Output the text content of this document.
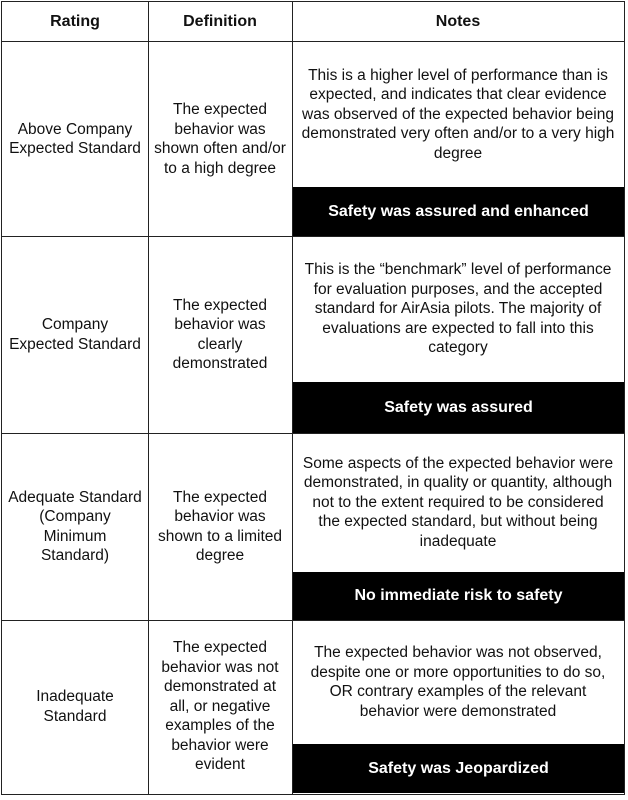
Rating	Definition	Notes
Above Company Expected Standard
The expected behavior was shown often and/or to a high degree
This is a higher level of performance than is expected, and indicates that clear evidence was observed of the expected behavior being demonstrated very often and/or to a very high degree
Safety was assured and enhanced
Company Expected Standard
The expected behavior was clearly demonstrated
This is the “benchmark” level of performance for evaluation purposes, and the accepted standard for AirAsia pilots. The majority of evaluations are expected to fall into this category
Safety was assured
Adequate Standard (Company Minimum Standard)
The expected behavior was shown to a limited degree
Some aspects of the expected behavior were demonstrated, in quality or quantity, although not to the extent required to be considered the expected standard, but without being inadequate
No immediate risk to safety
Inadequate Standard
The expected behavior was not demonstrated at all, or negative examples of the behavior were evident
The expected behavior was not observed, despite one or more opportunities to do so, OR contrary examples of the relevant behavior were demonstrated
Safety was Jeopardized
